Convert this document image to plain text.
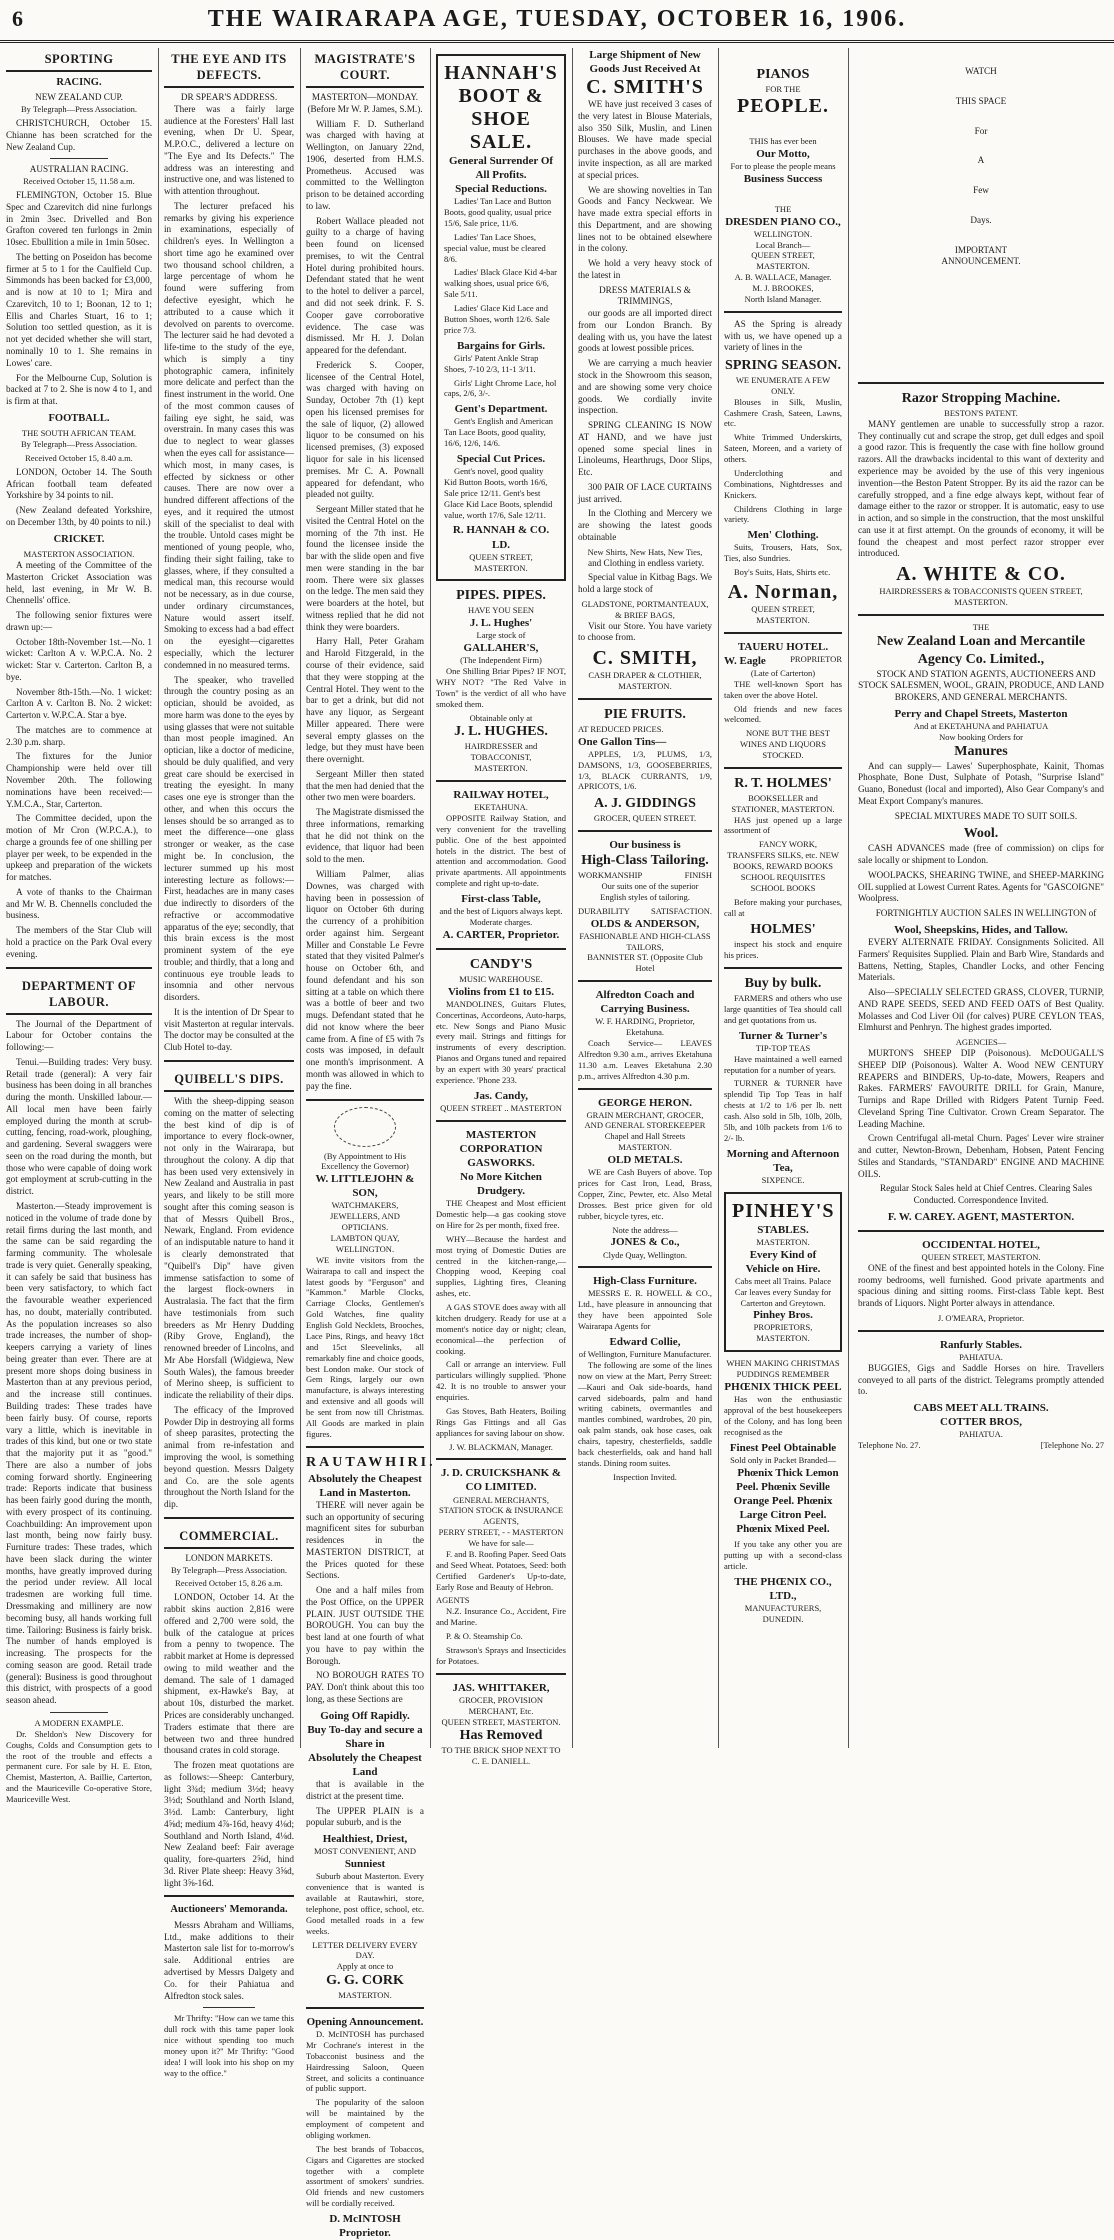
6	THE WAIRARAPA AGE, TUESDAY, OCTOBER 16, 1906.
SPORTING
RACING.
NEW ZEALAND CUP.

By Telegraph—Press Association.

CHRISTCHURCH, October 15. Chianne has been scratched for the New Zealand Cup.

AUSTRALIAN RACING.

Received October 15, 11.58 a.m.

FLEMINGTON, October 15. Blue Spec and Czarevitch did nine furlongs in 2min 3sec. Drivelled and Bon Grafton covered ten furlongs in 2min 10sec. Ebullition a mile in 1min 50sec.

The betting on Poseidon has become firmer at 5 to 1 for the Caulfield Cup. Simmonds has been backed for £3,000, and is now at 10 to 1; Mira and Czarevitch, 10 to 1; Boonan, 12 to 1; Ellis and Charles Stuart, 16 to 1; Solution too settled question, as it is not yet decided whether she will start, nominally 10 to 1. She remains in Lowes' care.

For the Melbourne Cup, Solution is backed at 7 to 2. She is now 4 to 1, and is firm at that.

FOOTBALL.
THE SOUTH AFRICAN TEAM.

By Telegraph—Press Association.

Received October 15, 8.40 a.m.

LONDON, October 14. The South African football team defeated Yorkshire by 34 points to nil.

(New Zealand defeated Yorkshire, on December 13th, by 40 points to nil.)

CRICKET.
MASTERTON ASSOCIATION.

A meeting of the Committee of the Masterton Cricket Association was held, last evening, in Mr W. B. Chennells' office.

The following senior fixtures were drawn up:—

October 18th-November 1st.—No. 1 wicket: Carlton A v. W.P.C.A. No. 2 wicket: Star v. Carterton. Carlton B, a bye.

November 8th-15th.—No. 1 wicket: Carlton A v. Carlton B. No. 2 wicket: Carterton v. W.P.C.A. Star a bye.

The matches are to commence at 2.30 p.m. sharp.

The fixtures for the Junior Championship were held over till November 20th. The following nominations have been received:—Y.M.C.A., Star, Carterton.

The Committee decided, upon the motion of Mr Cron (W.P.C.A.), to charge a grounds fee of one shilling per player per week, to be expended in the upkeep and preparation of the wickets for matches.

A vote of thanks to the Chairman and Mr W. B. Chennells concluded the business.

The members of the Star Club will hold a practice on the Park Oval every evening.

DEPARTMENT OF LABOUR.

The Journal of the Department of Labour for October contains the following:—

Tenui.—Building trades: Very busy. Retail trade (general): A very fair business has been doing in all branches during the month. Unskilled labour.—All local men have been fairly employed during the month at scrub-cutting, fencing, road-work, ploughing, and gardening. Several swaggers were seen on the road during the month, but those who were capable of doing work got employment at scrub-cutting in the district.

Masterton.—Steady improvement is noticed in the volume of trade done by retail firms during the last month, and the same can be said regarding the farming community. The wholesale trade is very quiet. Generally speaking, it can safely be said that business has been very satisfactory, to which fact the favourable weather experienced has, no doubt, materially contributed. As the population increases so also trade increases, the number of shop-keepers carrying a variety of lines being greater than ever. There are at present more shops doing business in Masterton than at any previous period, and the increase still continues. Building trades: These trades have been fairly busy. Of course, reports vary a little, which is inevitable in trades of this kind, but one or two state that the majority put it as "good." There are also a number of jobs coming forward shortly. Engineering trade: Reports indicate that business has been fairly good during the month, with every prospect of its continuing. Coachbuilding: An improvement upon last month, being now fairly busy. Furniture trades: These trades, which have been slack during the winter months, have greatly improved during the period under review. All local tradesmen are working full time. Dressmaking and millinery are now becoming busy, all hands working full time. Tailoring: Business is fairly brisk. The number of hands employed is increasing. The prospects for the coming season are good. Retail trade (general): Business is good throughout this district, with prospects of a good season ahead.

A MODERN EXAMPLE.

Dr. Sheldon's New Discovery for Coughs, Colds and Consumption gets to the root of the trouble and effects a permanent cure. For sale by H. E. Eton, Chemist, Masterton, A. Baillie, Carterton, and the Mauriceville Co-operative Store, Mauriceville West.

THE EYE AND ITS DEFECTS.
DR SPEAR'S ADDRESS.

There was a fairly large audience at the Foresters' Hall last evening, when Dr U. Spear, M.P.O.C., delivered a lecture on "The Eye and Its Defects." The address was an interesting and instructive one, and was listened to with attention throughout.

The lecturer prefaced his remarks by giving his experience in examinations, especially of children's eyes. In Wellington a short time ago he examined over two thousand school children, a large percentage of whom he found were suffering from defective eyesight, which he attributed to a cause which it devolved on parents to overcome. The lecturer said he had devoted a life-time to the study of the eye, which is simply a tiny photographic camera, infinitely more delicate and perfect than the finest instrument in the world. One of the most common causes of failing eye sight, he said, was overstrain. In many cases this was due to neglect to wear glasses when the eyes call for assistance—which most, in many cases, is effected by sickness or other causes. There are now over a hundred different affections of the eyes, and it required the utmost skill of the specialist to deal with the trouble. Untold cases might be mentioned of young people, who, finding their sight failing, take to glasses, where, if they consulted a medical man, this recourse would not be necessary, as in due course, under ordinary circumstances, Nature would assert itself. Smoking to excess had a bad effect on the eyesight—cigarettes especially, which the lecturer condemned in no measured terms.

The speaker, who travelled through the country posing as an optician, should be avoided, as more harm was done to the eyes by using glasses that were not suitable than most people imagined. An optician, like a doctor of medicine, should be duly qualified, and very great care should be exercised in treating the eyesight. In many cases one eye is stronger than the other, and when this occurs the lenses should be so arranged as to meet the difference—one glass stronger or weaker, as the case might be. In conclusion, the lecturer summed up his most interesting lecture as follows:—First, headaches are in many cases due indirectly to disorders of the refractive or accommodative apparatus of the eye; secondly, that this brain excess is the most prominent system of the eye trouble; and thirdly, that a long and continuous eye trouble leads to insomnia and other nervous disorders.

It is the intention of Dr Spear to visit Masterton at regular intervals. The doctor may be consulted at the Club Hotel to-day.

QUIBELL'S DIPS.

With the sheep-dipping season coming on the matter of selecting the best kind of dip is of importance to every flock-owner, not only in the Wairarapa, but throughout the colony. A dip that has been used very extensively in New Zealand and Australia in past years, and likely to be still more sought after this coming season is that of Messrs Quibell Bros., Newark, England. From evidence of an indisputable nature to hand it is clearly demonstrated that "Quibell's Dip" have given immense satisfaction to some of the largest flock-owners in Australasia. The fact that the firm have testimonials from such breeders as Mr Henry Dudding (Riby Grove, England), the renowned breeder of Lincolns, and Mr Abe Horsfall (Widgiewa, New South Wales), the famous breeder of Merino sheep, is sufficient to indicate the reliability of their dips.

The efficacy of the Improved Powder Dip in destroying all forms of sheep parasites, protecting the animal from re-infestation and improving the wool, is something beyond question. Messrs Dalgety and Co. are the sole agents throughout the North Island for the dip.

COMMERCIAL.
LONDON MARKETS.

By Telegraph—Press Association.

Received October 15, 8.26 a.m.

LONDON, October 14. At the rabbit skins auction 2,816 were offered and 2,700 were sold, the bulk of the catalogue at prices from a penny to twopence. The rabbit market at Home is depressed owing to mild weather and the demand. The sale of 1 damaged shipment, ex-Hawke's Bay, at about 10s, disturbed the market. Prices are considerably unchanged. Traders estimate that there are between two and three hundred thousand crates in cold storage.

The frozen meat quotations are as follows:—Sheep: Canterbury, light 3¾d; medium 3½d; heavy 3½d; Southland and North Island, 3½d. Lamb: Canterbury, light 4⅝d; medium 4⅞-16d, heavy 4⅛d; Southland and North Island, 4⅛d. New Zealand beef: Fair average quality, fore-quarters 2⅝d, hind 3d. River Plate sheep: Heavy 3⅝d, light 3⅝-16d.

Auctioneers' Memoranda.

Messrs Abraham and Williams, Ltd., make additions to their Masterton sale list for to-morrow's sale. Additional entries are advertised by Messrs Dalgety and Co. for their Pahiatua and Alfredton stock sales.

Mr Thrifty: "How can we tame this dull rock with this tame paper look nice without spending too much money upon it?" Mr Thrifty: "Good idea! I will look into his shop on my way to the office."

MAGISTRATE'S COURT.
MASTERTON—MONDAY.

(Before Mr W. P. James, S.M.).

William F. D. Sutherland was charged with having at Wellington, on January 22nd, 1906, deserted from H.M.S. Prometheus. Accused was committed to the Wellington prison to be detained according to law.

Robert Wallace pleaded not guilty to a charge of having been found on licensed premises, to wit the Central Hotel during prohibited hours. Defendant stated that he went to the hotel to deliver a parcel, and did not seek drink. F. S. Cooper gave corroborative evidence. The case was dismissed. Mr H. J. Dolan appeared for the defendant.

Frederick S. Cooper, licensee of the Central Hotel, was charged with having on Sunday, October 7th (1) kept open his licensed premises for the sale of liquor, (2) allowed liquor to be consumed on his licensed premises, (3) exposed liquor for sale in his licensed premises. Mr C. A. Pownall appeared for defendant, who pleaded not guilty.

Sergeant Miller stated that he visited the Central Hotel on the morning of the 7th inst. He found the licensee inside the bar with the slide open and five men were standing in the bar room. There were six glasses on the ledge. The men said they were boarders at the hotel, but witness replied that he did not think they were boarders.

Harry Hall, Peter Graham and Harold Fitzgerald, in the course of their evidence, said that they were stopping at the Central Hotel. They went to the bar to get a drink, but did not have any liquor, as Sergeant Miller appeared. There were several empty glasses on the ledge, but they must have been there overnight.

Sergeant Miller then stated that the men had denied that the other two men were boarders.

The Magistrate dismissed the three informations, remarking that he did not think on the evidence, that liquor had been sold to the men.

William Palmer, alias Downes, was charged with having been in possession of liquor on October 6th during the currency of a prohibition order against him. Sergeant Miller and Constable Le Fevre stated that they visited Palmer's house on October 6th, and found defendant and his son sitting at a table on which there was a bottle of beer and two mugs. Defendant stated that he did not know where the beer came from. A fine of £5 with 7s costs was imposed, in default one month's imprisonment. A month was allowed in which to pay the fine.

(By Appointment to His Excellency the Governor)
W. LITTLEJOHN & SON,
WATCHMAKERS, JEWELLERS, AND OPTICIANS.
LAMBTON QUAY, WELLINGTON.

WE invite visitors from the Wairarapa to call and inspect the latest goods by "Ferguson" and "Kammon." Marble Clocks, Carriage Clocks, Gentlemen's Gold Watches, fine quality English Gold Necklets, Brooches, Lace Pins, Rings, and heavy 18ct and 15ct Sleevelinks, all remarkably fine and choice goods, best London make. Our stock of Gem Rings, largely our own manufacture, is always interesting and extensive and all goods will be sent from now till Christmas. All Goods are marked in plain figures.

RAUTAWHIRI.
Absolutely the Cheapest Land in Masterton.

THERE will never again be such an opportunity of securing magnificent sites for suburban residences in the MASTERTON DISTRICT, at the Prices quoted for these Sections.

One and a half miles from the Post Office, on the UPPER PLAIN. JUST OUTSIDE THE BOROUGH. You can buy the best land at one fourth of what you have to pay within the Borough.

NO BOROUGH RATES TO PAY. Don't think about this too long, as these Sections are

Going Off Rapidly.
Buy To-day and secure a Share in
Absolutely the Cheapest Land

that is available in the district at the present time.

The UPPER PLAIN is a popular suburb, and is the

Healthiest, Driest,
MOST CONVENIENT, AND
Sunniest

Suburb about Masterton. Every convenience that is wanted is available at Rautawhiri, store, telephone, post office, school, etc. Good metalled roads in a few weeks.

LETTER DELIVERY EVERY DAY.
Apply at once to
G. G. CORK
MASTERTON.
Opening Announcement.

D. McINTOSH has purchased Mr Cochrane's interest in the Tobacconist business and the Hairdressing Saloon, Queen Street, and solicits a continuance of public support.

The popularity of the saloon will be maintained by the employment of competent and obliging workmen.

The best brands of Tobaccos, Cigars and Cigarettes are stocked together with a complete assortment of smokers' sundries. Old friends and new customers will be cordially received.

D. McINTOSH Proprietor.
HANNAH'S
BOOT & SHOE SALE.
General Surrender Of All Profits.
Special Reductions.

Ladies' Tan Lace and Button Boots, good quality, usual price 15/6, Sale price, 11/6.

Ladies' Tan Lace Shoes, special value, must be cleared 8/6.

Ladies' Black Glace Kid 4-bar walking shoes, usual price 6/6, Sale 5/11.

Ladies' Glace Kid Lace and Button Shoes, worth 12/6. Sale price 7/3.

Bargains for Girls.

Girls' Patent Ankle Strap Shoes, 7-10 2/3, 11-1 3/11.

Girls' Light Chrome Lace, hol caps, 2/6, 3/-.

Gent's Department.

Gent's English and American Tan Lace Boots, good quality, 16/6, 12/6, 14/6.

Special Cut Prices.

Gent's novel, good quality Kid Button Boots, worth 16/6, Sale price 12/11. Gent's best Glace Kid Lace Boots, splendid value, worth 17/6, Sale 12/11.

R. HANNAH & CO. LD.
QUEEN STREET, MASTERTON.
PIPES. PIPES.
HAVE YOU SEEN
J. L. Hughes'
Large stock of
GALLAHER'S,
(The Independent Firm)

One Shilling Briar Pipes? IF NOT, WHY NOT? "The Red Valve in Town" is the verdict of all who have smoked them.

Obtainable only at
J. L. HUGHES.
HAIRDRESSER and TOBACCONIST,
MASTERTON.
RAILWAY HOTEL,
EKETAHUNA.

OPPOSITE Railway Station, and very convenient for the travelling public. One of the best appointed hotels in the district. The best of attention and accommodation. Good private apartments. All appointments complete and right up-to-date.

First-class Table,
and the best of Liquors always kept.
Moderate charges.
A. CARTER, Proprietor.
CANDY'S
MUSIC WAREHOUSE.
Violins from £1 to £15.

MANDOLINES, Guitars Flutes, Concertinas, Accordeons, Auto-harps, etc. New Songs and Piano Music every mail. Strings and fittings for instruments of every description. Pianos and Organs tuned and repaired by an expert with 30 years' practical experience. 'Phone 233.

Jas. Candy,
QUEEN STREET .. MASTERTON
MASTERTON CORPORATION GASWORKS.
No More Kitchen Drudgery.

THE Cheapest and Most efficient Domestic help—a gas cooking stove on Hire for 2s per month, fixed free.

WHY—Because the hardest and most trying of Domestic Duties are centred in the kitchen-range,—Chopping wood, Keeping coal supplies, Lighting fires, Cleaning ashes, etc.

A GAS STOVE does away with all kitchen drudgery. Ready for use at a moment's notice day or night; clean, economical—the perfection of cooking.

Call or arrange an interview. Full particulars willingly supplied. 'Phone 42. It is no trouble to answer your enquiries.

Gas Stoves, Bath Heaters, Boiling Rings Gas Fittings and all Gas appliances for saving labour on show.

J. W. BLACKMAN, Manager.
J. D. CRUICKSHANK & CO LIMITED.
GENERAL MERCHANTS, STATION STOCK & INSURANCE AGENTS,
PERRY STREET, - - MASTERTON
We have for sale—

F. and B. Roofing Paper. Seed Oats and Seed Wheat. Potatoes, Seed: both Certified Gardener's Up-to-date, Early Rose and Beauty of Hebron.

AGENTS

N.Z. Insurance Co., Accident, Fire and Marine.

P. & O. Steamship Co.

Strawson's Sprays and Insecticides for Potatoes.

JAS. WHITTAKER,
GROCER, PROVISION MERCHANT, Etc.
QUEEN STREET, MASTERTON.
Has Removed
TO THE BRICK SHOP NEXT TO
C. E. DANIELL.
Large Shipment of New Goods Just Received At
C. SMITH'S

WE have just received 3 cases of the very latest in Blouse Materials, also 350 Silk, Muslin, and Linen Blouses. We have made special purchases in the above goods, and invite inspection, as all are marked at special prices.

We are showing novelties in Tan Goods and Fancy Neckwear. We have made extra special efforts in this Department, and are showing lines not to be obtained elsewhere in the colony.

We hold a very heavy stock of the latest in

DRESS MATERIALS & TRIMMINGS,

our goods are all imported direct from our London Branch. By dealing with us, you have the latest goods at lowest possible prices.

We are carrying a much heavier stock in the Showroom this season, and are showing some very choice goods. We cordially invite inspection.

SPRING CLEANING IS NOW AT HAND, and we have just opened some special lines in Linoleums, Hearthrugs, Door Slips, Etc.

300 PAIR OF LACE CURTAINS just arrived.

In the Clothing and Mercery we are showing the latest goods obtainable

New Shirts, New Hats, New Ties,

and Clothing in endless variety.

Special value in Kitbag Bags. We hold a large stock of

GLADSTONE, PORTMANTEAUX, & BRIEF BAGS,

Visit our Store. You have variety to choose from.

C. SMITH,
CASH DRAPER & CLOTHIER,
MASTERTON.
PIE FRUITS.
AT REDUCED PRICES.
One Gallon Tins—

APPLES, 1/3, PLUMS, 1/3, DAMSONS, 1/3, GOOSEBERRIES, 1/3, BLACK CURRANTS, 1/9, APRICOTS, 1/6.

A. J. GIDDINGS
GROCER, QUEEN STREET.
Our business is
High-Class Tailoring.
WORKMANSHIP	FINISH

Our suits one of the superior English styles of tailoring.

DURABILITY SATISFACTION.
OLDS & ANDERSON,
FASHIONABLE AND HIGH-CLASS TAILORS,
BANNISTER ST. (Opposite Club Hotel
Alfredton Coach and Carrying Business.
W. F. HARDING, Proprietor, Eketahuna.

Coach Service— LEAVES Alfredton 9.30 a.m., arrives Eketahuna 11.30 a.m. Leaves Eketahuna 2.30 p.m., arrives Alfredton 4.30 p.m.

GEORGE HERON.
GRAIN MERCHANT, GROCER, AND GENERAL STOREKEEPER
Chapel and Hall Streets
MASTERTON.
OLD METALS.

WE are Cash Buyers of above. Top prices for Cast Iron, Lead, Brass, Copper, Zinc, Pewter, etc. Also Metal Drosses. Best price given for old rubber, bicycle tyres, etc.

Note the address—
JONES & Co.,
Clyde Quay, Wellington.
High-Class Furniture.

MESSRS E. R. HOWELL & CO., Ltd., have pleasure in announcing that they have been appointed Sole Wairarapa Agents for

Edward Collie,
of Wellington, Furniture Manufacturer.

The following are some of the lines now on view at the Mart, Perry Street:—Kauri and Oak side-boards, hand carved sideboards, palm and hand writing cabinets, overmantles and mantles combined, wardrobes, 20 pin, oak palm stands, oak hose cases, oak chairs, tapestry, chesterfields, saddle back chesterfields, oak and hand hall stands. Dining room suites.

Inspection Invited.
PIANOS
FOR THE
PEOPLE.
THIS has ever been
Our Motto,
For to please the people means
Business Success
THE
DRESDEN PIANO CO.,
WELLINGTON.
Local Branch—
QUEEN STREET, MASTERTON.
A. B. WALLACE, Manager.
M. J. BROOKES,
North Island Manager.

AS the Spring is already with us, we have opened up a variety of lines in the

SPRING SEASON.
WE ENUMERATE A FEW ONLY.

Blouses in Silk, Muslin, Cashmere Crash, Sateen, Lawns, etc.

White Trimmed Underskirts, Sateen, Moreen, and a variety of others.

Underclothing and Combinations, Nightdresses and Knickers.

Childrens Clothing in large variety.

Men' Clothing.

Suits, Trousers, Hats, Sox, Ties, also Sundries.

Boy's Suits, Hats, Shirts etc.

A. Norman,
QUEEN STREET, MASTERTON.
TAUERU HOTEL.
W. Eagle	PROPRIETOR
(Late of Carterton)

THE well-known Sport has taken over the above Hotel.

Old friends and new faces welcomed.

NONE BUT THE BEST WINES AND LIQUORS STOCKED.

R. T. HOLMES'
BOOKSELLER and STATIONER, MASTERTON.

HAS just opened up a large assortment of

FANCY WORK, TRANSFERS SILKS, etc. NEW BOOKS, REWARD BOOKS SCHOOL REQUISITES SCHOOL BOOKS

Before making your purchases, call at

HOLMES'

inspect his stock and enquire his prices.

Buy by bulk.

FARMERS and others who use large quantities of Tea should call and get quotations from us.

Turner & Turner's
TIP-TOP TEAS

Have maintained a well earned reputation for a number of years.

TURNER & TURNER have splendid Tip Top Teas in half chests at 1/2 to 1/6 per lb. nett cash. Also sold in 5lb, 10lb, 20lb, 5lb, and 10lb packets from 1/6 to 2/- lb.

Morning and Afternoon Tea,
SIXPENCE.
PINHEY'S
STABLES.
MASTERTON.
Every Kind of Vehicle on Hire.
Cabs meet all Trains. Palace Car leaves every Sunday for Carterton and Greytown.
Pinhey Bros.
PROPRIETORS, MASTERTON.
WHEN MAKING CHRISTMAS PUDDINGS REMEMBER
PHŒNIX THICK PEEL

Has won the enthusiastic approval of the best housekeepers of the Colony, and has long been recognised as the

Finest Peel Obtainable
Sold only in Packet Branded—

Phœnix Thick Lemon Peel. Phœnix Seville Orange Peel. Phœnix Large Citron Peel. Phœnix Mixed Peel.

If you take any other you are putting up with a second-class article.

THE PHŒNIX CO., LTD.,
MANUFACTURERS, DUNEDIN.
WATCH
THIS SPACE
For
A
Few
Days.
IMPORTANT
ANNOUNCEMENT.
Razor Stropping Machine.
BESTON'S PATENT.

MANY gentlemen are unable to successfully strop a razor. They continually cut and scrape the strop, get dull edges and spoil a good razor. This is frequently the case with fine hollow ground razors. All the drawbacks incidental to this want of dexterity and experience may be avoided by the use of this very ingenious invention—the Beston Patent Stropper. By its aid the razor can be carefully stropped, and a fine edge always kept, without fear of damage either to the razor or stropper. It is automatic, easy to use in action, and so simple in the construction, that the most unskilful can use it at first attempt. On the grounds of economy, it will be found the cheapest and most perfect razor stropper ever introduced.

A. WHITE & CO.
HAIRDRESSERS & TOBACCONISTS QUEEN STREET, MASTERTON.
THE
New Zealand Loan and Mercantile Agency Co. Limited.,

STOCK AND STATION AGENTS, AUCTIONEERS AND STOCK SALESMEN, WOOL, GRAIN, PRODUCE, AND LAND BROKERS, AND GENERAL MERCHANTS.

Perry and Chapel Streets, Masterton
And at EKETAHUNA and PAHIATUA
Now booking Orders for
Manures

And can supply— Lawes' Superphosphate, Kainit, Thomas Phosphate, Bone Dust, Sulphate of Potash, "Surprise Island" Guano, Bonedust (local and imported), Also Gear Company's and Meat Export Company's manures.

SPECIAL MIXTURES MADE TO SUIT SOILS.

Wool.

CASH ADVANCES made (free of commission) on clips for sale locally or shipment to London.

WOOLPACKS, SHEARING TWINE, and SHEEP-MARKING OIL supplied at Lowest Current Rates. Agents for "GASCOIGNE" Woolpress.

FORTNIGHTLY AUCTION SALES IN WELLINGTON of

Wool, Sheepskins, Hides, and Tallow.

EVERY ALTERNATE FRIDAY. Consignments Solicited. All Farmers' Requisites Supplied. Plain and Barb Wire, Standards and Battens, Netting, Staples, Chandler Locks, and other Fencing Materials.

Also—SPECIALLY SELECTED GRASS, CLOVER, TURNIP, AND RAPE SEEDS, SEED AND FEED OATS of Best Quality. Molasses and Cod Liver Oil (for calves) PURE CEYLON TEAS, Elmhurst and Penhryn. The highest grades imported.

AGENCIES—

MURTON'S SHEEP DIP (Poisonous). McDOUGALL'S SHEEP DIP (Poisonous). Walter A. Wood NEW CENTURY REAPERS and BINDERS, Up-to-date, Mowers, Reapers and Rakes. FARMERS' FAVOURITE DRILL for Grain, Manure, Turnips and Rape Drilled with Ridgers Patent Turnip Feed. Cleveland Spring Tine Cultivator. Crown Cream Separator. The Leading Machine.

Crown Centrifugal all-metal Churn. Pages' Lever wire strainer and cutter, Newton-Brown, Debenham, Hobsen, Patent Fencing Stiles and Standards, "STANDARD" ENGINE AND MACHINE OILS.

Regular Stock Sales held at Chief Centres. Clearing Sales Conducted. Correspondence Invited.

F. W. CAREY. AGENT, MASTERTON.
OCCIDENTAL HOTEL,
QUEEN STREET, MASTERTON.

ONE of the finest and best appointed hotels in the Colony. Fine roomy bedrooms, well furnished. Good private apartments and spacious dining and sitting rooms. First-class Table kept. Best brands of Liquors. Night Porter always in attendance.

J. O'MEARA, Proprietor.
Ranfurly Stables.
PAHIATUA.

BUGGIES, Gigs and Saddle Horses on hire. Travellers conveyed to all parts of the district. Telegrams promptly attended to.

CABS MEET ALL TRAINS.
COTTER BROS,
PAHIATUA.
Telephone No. 27.	[Telephone No. 27
